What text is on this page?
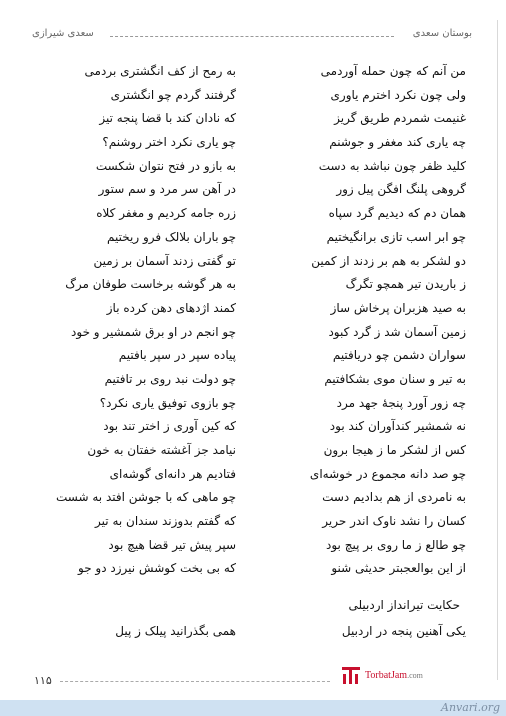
بوستان سعدی
سعدی شیرازی
من آنم که چون حمله آوردمی
به رمح از کف انگشتری بردمی
ولی چون نکرد اخترم یاوری
گرفتند گردم چو انگشتری
غنیمت شمردم طریق گریز
که نادان کند با قضا پنجه تیز
چه یاری کند مغفر و جوشنم
چو یاری نکرد اختر روشنم؟
کلید ظفر چون نباشد به دست
به بازو در فتح نتوان شکست
گروهی پلنگ افگن پیل زور
در آهن سر مرد و سم ستور
همان دم که دیدیم گرد سپاه
زره جامه کردیم و مغفر کلاه
چو ابر اسب تازی برانگیختیم
چو باران بلالک فرو ریختیم
دو لشکر به هم بر زدند از کمین
تو گفتی زدند آسمان بر زمین
ز باریدن تیر همچو تگرگ
به هر گوشه برخاست طوفان مرگ
به صید هزبران پرخاش ساز
کمند اژدهای دهن کرده باز
زمین آسمان شد ز گرد کبود
چو انجم در او برق شمشیر و خود
سواران دشمن چو دریافتیم
پیاده سپر در سپر بافتیم
به تیر و سنان موی بشکافتیم
چو دولت نبد روی بر تافتیم
چه زور آورد پنجهٔ جهد مرد
چو بازوی توفیق یاری نکرد؟
نه شمشیر کندآوران کند بود
که کین آوری ز اختر تند بود
کس از لشکر ما ز هیجا برون
نیامد جز آغشته خفتان به خون
چو صد دانه مجموع در خوشه‌ای
فتادیم هر دانه‌ای گوشه‌ای
به نامردی از هم بدادیم دست
چو ماهی که با جوشن افتد به شست
کسان را نشد ناوک اندر حریر
که گفتم بدوزند سندان به تیر
چو طالع ز ما روی بر پیچ بود
سپر پیش تیر قضا هیچ بود
از این بوالعجبتر حدیثی شنو
که بی بخت کوشش نیرزد دو جو
حکایت تیرانداز اردبیلی
یکی آهنین پنجه در اردبیل
همی بگذرانید پیلک ز پیل
۱۱۵	TorbatJam.com
Anvari.org
